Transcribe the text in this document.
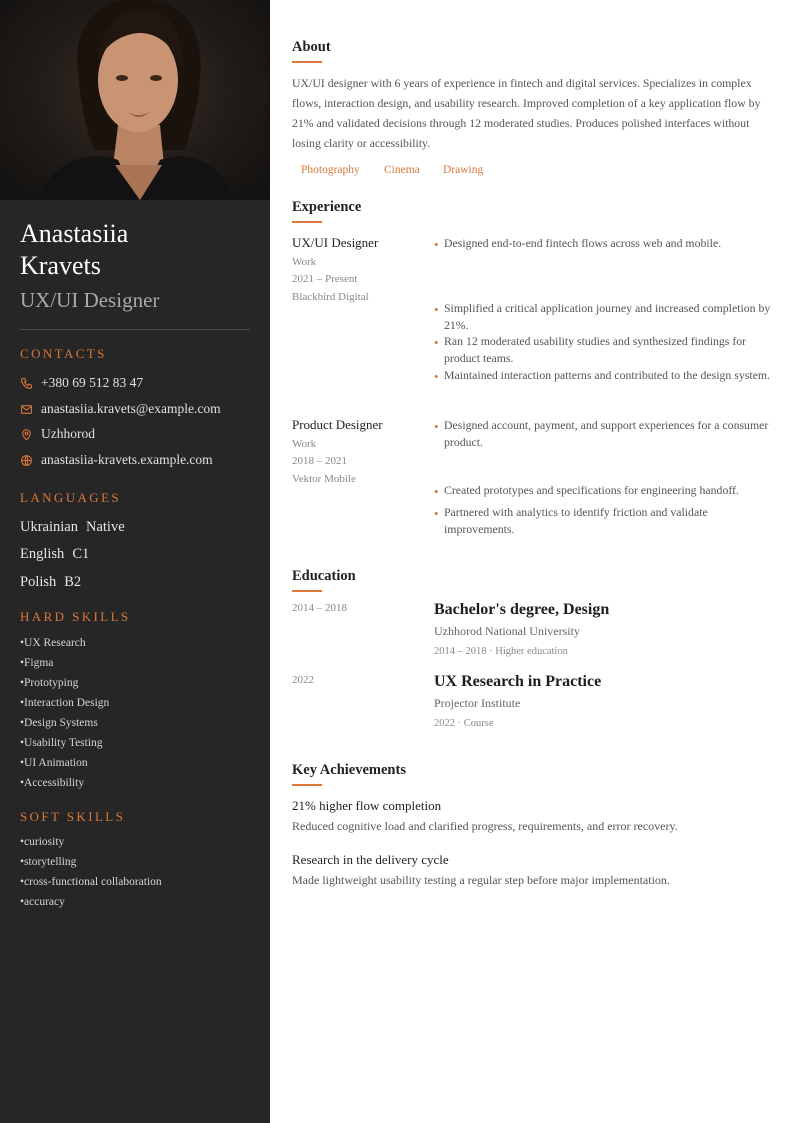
Anastasiia
Kravets
UX/UI Designer
CONTACTS
+380 69 512 83 47
anastasiia.kravets@example.com
Uzhhorod
anastasiia-kravets.example.com
LANGUAGES
Ukrainian Native
English C1
Polish B2
HARD SKILLS
•UX Research
•Figma
•Prototyping
•Interaction Design
•Design Systems
•Usability Testing
•UI Animation
•Accessibility
SOFT SKILLS
•curiosity
•storytelling
•cross-functional collaboration
•accuracy
About

UX/UI designer with 6 years of experience in fintech and digital services. Specializes in complex flows, interaction design, and usability research. Improved completion of a key application flow by 21% and validated decisions through 12 moderated studies. Produces polished interfaces without losing clarity or accessibility.

Photography Cinema Drawing
Experience
UX/UI Designer
Work
2021 – Present
Blackbird Digital
• Designed end-to-end fintech flows across web and mobile.
• Simplified a critical application journey and increased completion by 21%.
• Ran 12 moderated usability studies and synthesized findings for product teams.
• Maintained interaction patterns and contributed to the design system.
Product Designer
Work
2018 – 2021
Vektor Mobile
• Designed account, payment, and support experiences for a consumer product.
• Created prototypes and specifications for engineering handoff.
• Partnered with analytics to identify friction and validate improvements.
Education
2014 – 2018	Bachelor's degree, Design
Uzhhorod National University
2014 – 2018 · Higher education
2022	UX Research in Practice
Projector Institute
2022 · Course
Key Achievements
21% higher flow completion
Reduced cognitive load and clarified progress, requirements, and error recovery.
Research in the delivery cycle
Made lightweight usability testing a regular step before major implementation.
